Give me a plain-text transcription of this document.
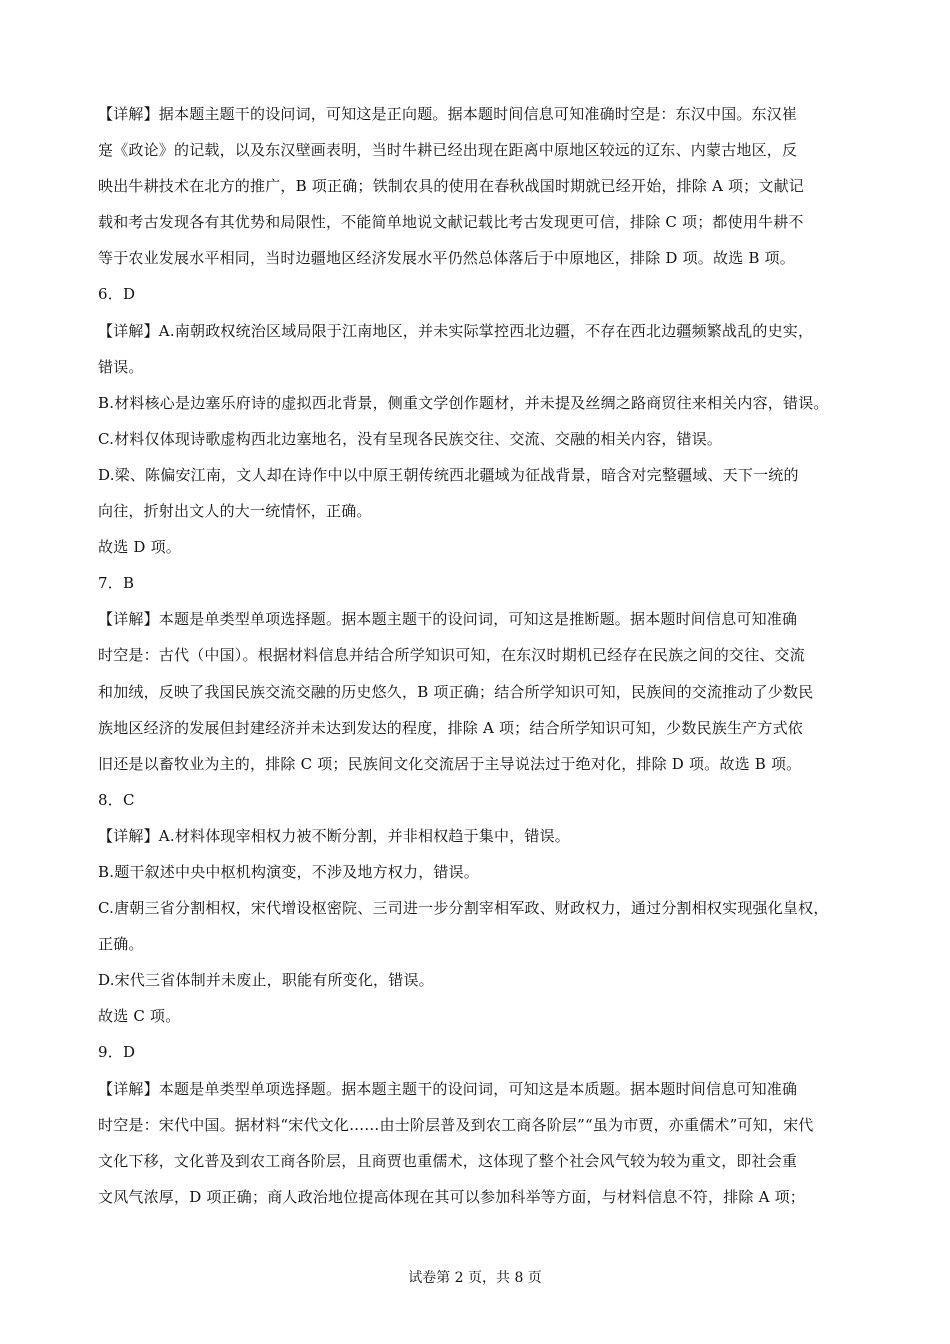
【详解】据本题主题干的设问词，可知这是正向题。据本题时间信息可知准确时空是：东汉中国。东汉崔
寔《政论》的记载，以及东汉壁画表明，当时牛耕已经出现在距离中原地区较远的辽东、内蒙古地区，反
映出牛耕技术在北方的推广，B 项正确；铁制农具的使用在春秋战国时期就已经开始，排除 A 项；文献记
载和考古发现各有其优势和局限性，不能简单地说文献记载比考古发现更可信，排除 C 项；都使用牛耕不
等于农业发展水平相同，当时边疆地区经济发展水平仍然总体落后于中原地区，排除 D 项。故选 B 项。
6．D
【详解】A.南朝政权统治区域局限于江南地区，并未实际掌控西北边疆，不存在西北边疆频繁战乱的史实，
错误。
B.材料核心是边塞乐府诗的虚拟西北背景，侧重文学创作题材，并未提及丝绸之路商贸往来相关内容，错误。
C.材料仅体现诗歌虚构西北边塞地名，没有呈现各民族交往、交流、交融的相关内容，错误。
D.梁、陈偏安江南，文人却在诗作中以中原王朝传统西北疆域为征战背景，暗含对完整疆域、天下一统的
向往，折射出文人的大一统情怀，正确。
故选 D 项。
7．B
【详解】本题是单类型单项选择题。据本题主题干的设问词，可知这是推断题。据本题时间信息可知准确
时空是：古代（中国）。根据材料信息并结合所学知识可知，在东汉时期机已经存在民族之间的交往、交流
和加绒，反映了我国民族交流交融的历史悠久，B 项正确；结合所学知识可知，民族间的交流推动了少数民
族地区经济的发展但封建经济并未达到发达的程度，排除 A 项；结合所学知识可知，少数民族生产方式依
旧还是以畜牧业为主的，排除 C 项；民族间文化交流居于主导说法过于绝对化，排除 D 项。故选 B 项。
8．C
【详解】A.材料体现宰相权力被不断分割，并非相权趋于集中，错误。
B.题干叙述中央中枢机构演变，不涉及地方权力，错误。
C.唐朝三省分割相权，宋代增设枢密院、三司进一步分割宰相军政、财政权力，通过分割相权实现强化皇权，
正确。
D.宋代三省体制并未废止，职能有所变化，错误。
故选 C 项。
9．D
【详解】本题是单类型单项选择题。据本题主题干的设问词，可知这是本质题。据本题时间信息可知准确
时空是：宋代中国。据材料“宋代文化……由士阶层普及到农工商各阶层”“虽为市贾，亦重儒术”可知，宋代
文化下移，文化普及到农工商各阶层，且商贾也重儒术，这体现了整个社会风气较为较为重文，即社会重
文风气浓厚，D 项正确；商人政治地位提高体现在其可以参加科举等方面，与材料信息不符，排除 A 项；
试卷第 2 页，共 8 页
